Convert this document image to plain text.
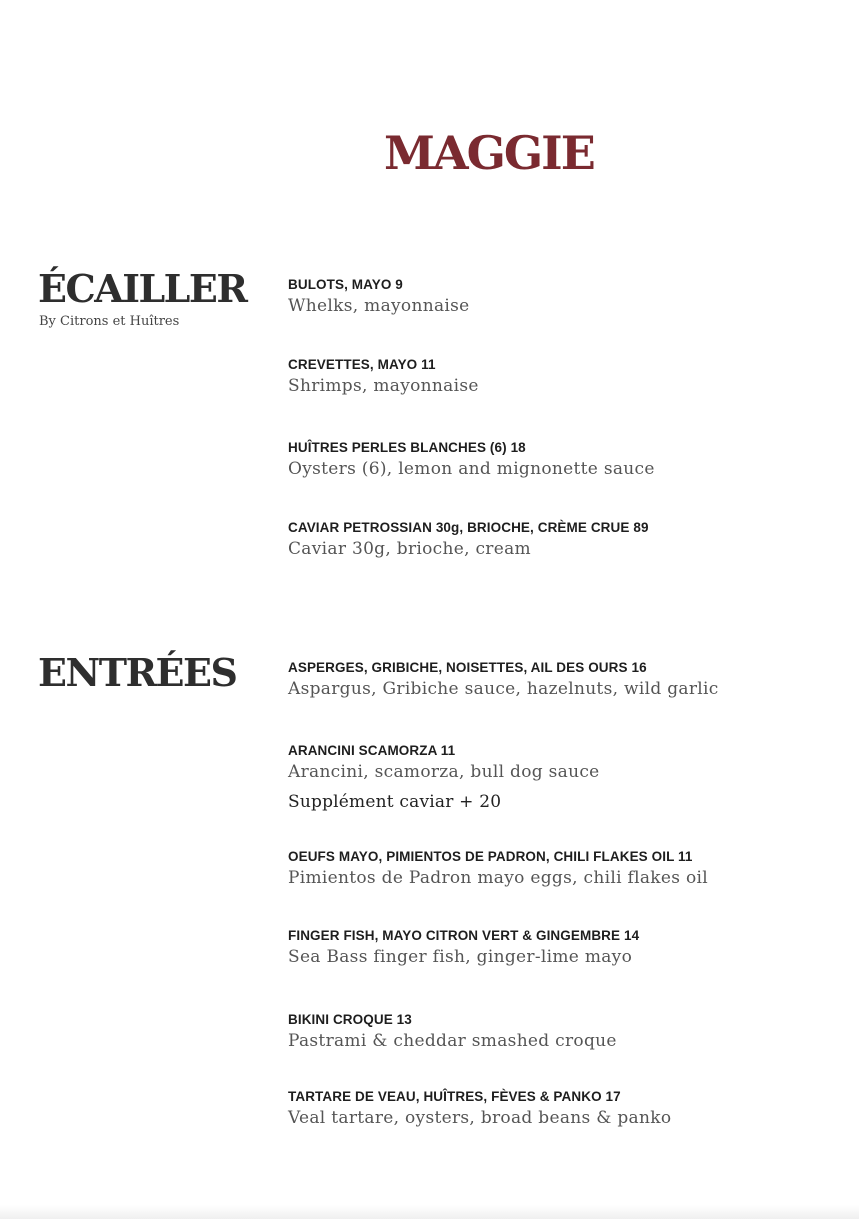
MAGGIE
ÉCAILLER
By Citrons et Huîtres
BULOTS, MAYO 9
Whelks, mayonnaise
CREVETTES, MAYO 11
Shrimps, mayonnaise
HUÎTRES PERLES BLANCHES (6) 18
Oysters (6), lemon and mignonette sauce
CAVIAR PETROSSIAN 30g, BRIOCHE, CRÈME CRUE 89
Caviar 30g, brioche, cream
ENTRÉES	ASPERGES, GRIBICHE, NOISETTES, AIL DES OURS 16
Aspargus, Gribiche sauce, hazelnuts, wild garlic
ARANCINI SCAMORZA 11
Arancini, scamorza, bull dog sauce
Supplément caviar + 20
OEUFS MAYO, PIMIENTOS DE PADRON, CHILI FLAKES OIL 11
Pimientos de Padron mayo eggs, chili flakes oil
FINGER FISH, MAYO CITRON VERT & GINGEMBRE 14
Sea Bass finger fish, ginger-lime mayo
BIKINI CROQUE 13
Pastrami & cheddar smashed croque
TARTARE DE VEAU, HUÎTRES, FÈVES & PANKO 17
Veal tartare, oysters, broad beans & panko
